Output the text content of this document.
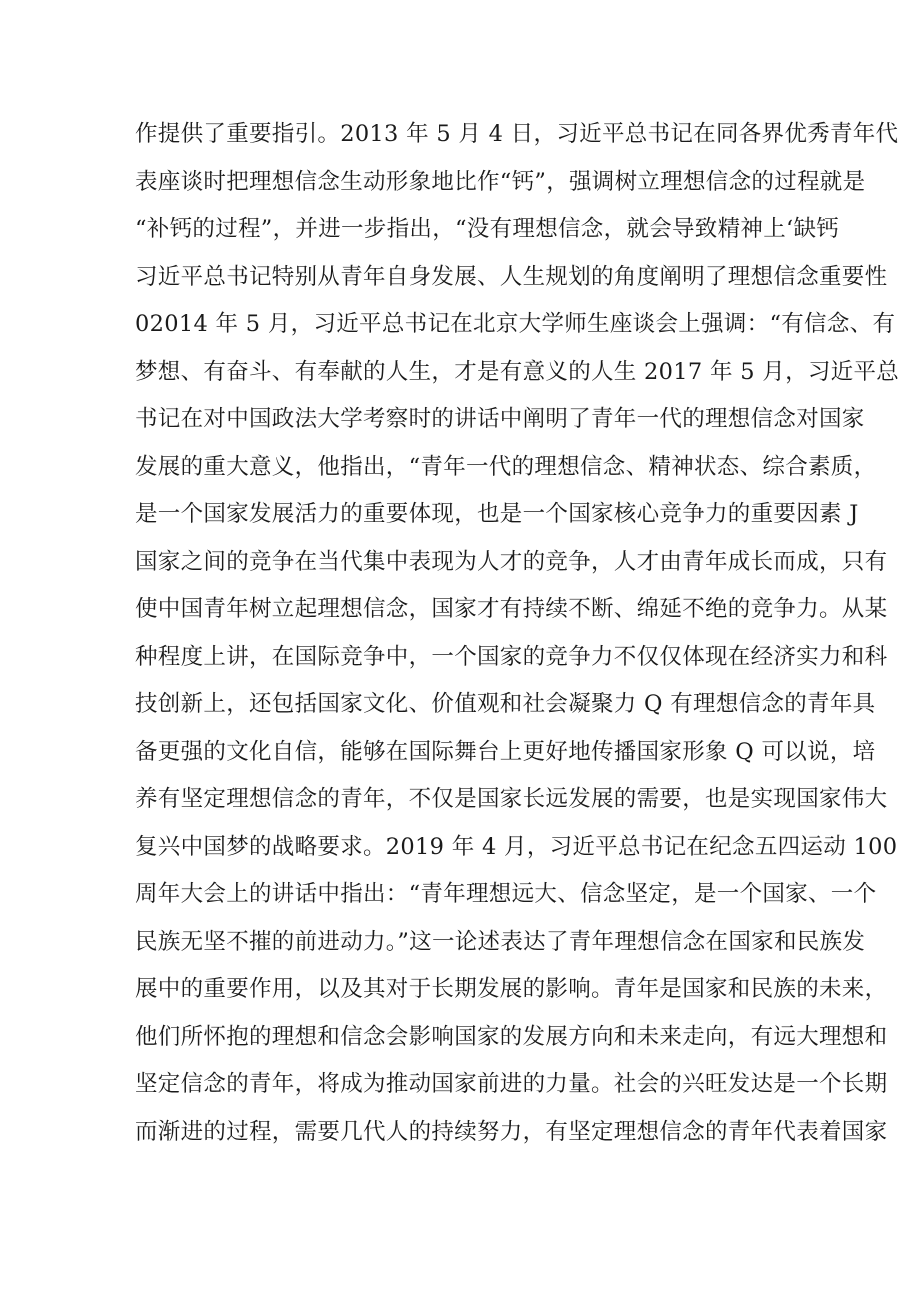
作提供了重要指引。2013 年 5 月 4 日，习近平总书记在同各界优秀青年代
表座谈时把理想信念生动形象地比作“钙”，强调树立理想信念的过程就是
“补钙的过程”，并进一步指出，“没有理想信念，就会导致精神上‘缺钙
习近平总书记特别从青年自身发展、人生规划的角度阐明了理想信念重要性
02014 年 5 月，习近平总书记在北京大学师生座谈会上强调：“有信念、有
梦想、有奋斗、有奉献的人生，才是有意义的人生 2017 年 5 月，习近平总
书记在对中国政法大学考察时的讲话中阐明了青年一代的理想信念对国家
发展的重大意义，他指出，“青年一代的理想信念、精神状态、综合素质，
是一个国家发展活力的重要体现，也是一个国家核心竞争力的重要因素 J
国家之间的竞争在当代集中表现为人才的竞争，人才由青年成长而成，只有
使中国青年树立起理想信念，国家才有持续不断、绵延不绝的竞争力。从某
种程度上讲，在国际竞争中，一个国家的竞争力不仅仅体现在经济实力和科
技创新上，还包括国家文化、价值观和社会凝聚力 Q 有理想信念的青年具
备更强的文化自信，能够在国际舞台上更好地传播国家形象 Q 可以说，培
养有坚定理想信念的青年，不仅是国家长远发展的需要，也是实现国家伟大
复兴中国梦的战略要求。2019 年 4 月，习近平总书记在纪念五四运动 100
周年大会上的讲话中指出：“青年理想远大、信念坚定，是一个国家、一个
民族无坚不摧的前进动力。”这一论述表达了青年理想信念在国家和民族发
展中的重要作用，以及其对于长期发展的影响。青年是国家和民族的未来，
他们所怀抱的理想和信念会影响国家的发展方向和未来走向，有远大理想和
坚定信念的青年，将成为推动国家前进的力量。社会的兴旺发达是一个长期
而渐进的过程，需要几代人的持续努力，有坚定理想信念的青年代表着国家
